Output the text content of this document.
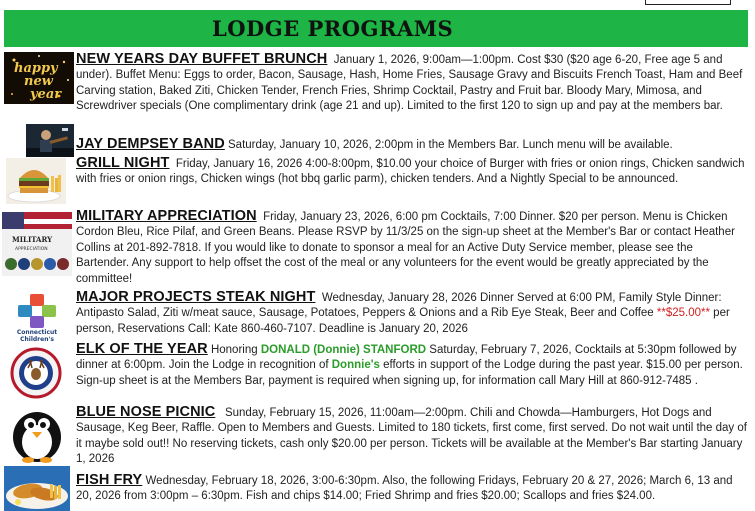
LODGE PROGRAMS
happy
new
year
NEW YEARS DAY BUFFET BRUNCH January 1, 2026, 9:00am—1:00pm. Cost $30 ($20 age 6-20, Free age 5 and under). Buffet Menu: Eggs to order, Bacon, Sausage, Hash, Home Fries, Sausage Gravy and Biscuits French Toast, Ham and Beef Carving station, Baked Ziti, Chicken Tender, French Fries, Shrimp Cocktail, Pastry and Fruit bar. Bloody Mary, Mimosa, and Screwdriver specials (One complimentary drink (age 21 and up). Limited to the first 120 to sign up and pay at the members bar.
JAY DEMPSEY BAND Saturday, January 10, 2026, 2:00pm in the Members Bar. Lunch menu will be available.
GRILL NIGHT Friday, January 16, 2026 4:00-8:00pm, $10.00 your choice of Burger with fries or onion rings, Chicken sandwich with fries or onion rings, Chicken wings (hot bbq garlic parm), chicken tenders. And a Nightly Special to be announced.
MILITARY
APPRECIATION
MILITARY APPRECIATION Friday, January 23, 2026, 6:00 pm Cocktails, 7:00 Dinner. $20 per person. Menu is Chicken Cordon Bleu, Rice Pilaf, and Green Beans. Please RSVP by 11/3/25 on the sign-up sheet at the Member's Bar or contact Heather Collins at 201-892-7818. If you would like to donate to sponsor a meal for an Active Duty Service member, please see the Bartender. Any support to help offset the cost of the meal or any volunteers for the event would be greatly appreciated by the committee!
Connecticut
Children's
MAJOR PROJECTS STEAK NIGHT Wednesday, January 28, 2026 Dinner Served at 6:00 PM, Family Style Dinner: Antipasto Salad, Ziti w/meat sauce, Sausage, Potatoes, Peppers & Onions and a Rib Eye Steak, Beer and Coffee **$25.00** per person, Reservations Call: Kate 860-460-7107. Deadline is January 20, 2026
ELK OF THE YEAR Honoring DONALD (Donnie) STANFORD Saturday, February 7, 2026, Cocktails at 5:30pm followed by dinner at 6:00pm. Join the Lodge in recognition of Donnie's efforts in support of the Lodge during the past year. $15.00 per person. Sign-up sheet is at the Members Bar, payment is required when signing up, for information call Mary Hill at 860-912-7485 .
BLUE NOSE PICNIC Sunday, February 15, 2026, 11:00am—2:00pm. Chili and Chowda—Hamburgers, Hot Dogs and Sausage, Keg Beer, Raffle. Open to Members and Guests. Limited to 180 tickets, first come, first served. Do not wait until the day of it maybe sold out!! No reserving tickets, cash only $20.00 per person. Tickets will be available at the Member's Bar starting January 1, 2026
FISH FRY Wednesday, February 18, 2026, 3:00-6:30pm. Also, the following Fridays, February 20 & 27, 2026; March 6, 13 and 20, 2026 from 3:00pm – 6:30pm. Fish and chips $14.00; Fried Shrimp and fries $20.00; Scallops and fries $24.00.
